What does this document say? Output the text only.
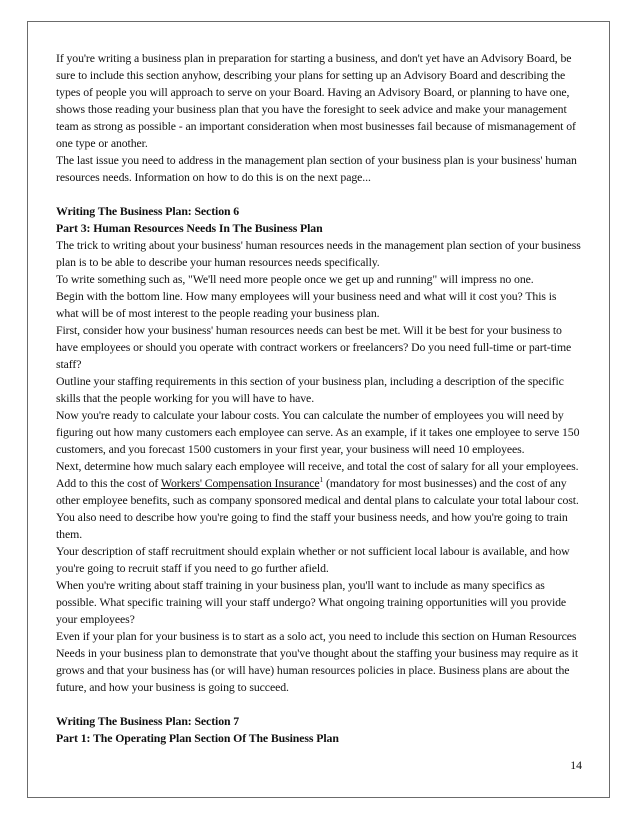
If you're writing a business plan in preparation for starting a business, and don't yet have an Advisory Board, be sure to include this section anyhow, describing your plans for setting up an Advisory Board and describing the types of people you will approach to serve on your Board. Having an Advisory Board, or planning to have one, shows those reading your business plan that you have the foresight to seek advice and make your management team as strong as possible - an important consideration when most businesses fail because of mismanagement of one type or another.

The last issue you need to address in the management plan section of your business plan is your business' human resources needs. Information on how to do this is on the next page...

Writing The Business Plan: Section 6

Part 3: Human Resources Needs In The Business Plan

The trick to writing about your business' human resources needs in the management plan section of your business plan is to be able to describe your human resources needs specifically.

To write something such as, "We'll need more people once we get up and running" will impress no one.

Begin with the bottom line. How many employees will your business need and what will it cost you? This is what will be of most interest to the people reading your business plan.

First, consider how your business' human resources needs can best be met. Will it be best for your business to have employees or should you operate with contract workers or freelancers? Do you need full-time or part-time staff?

Outline your staffing requirements in this section of your business plan, including a description of the specific skills that the people working for you will have to have.

Now you're ready to calculate your labour costs. You can calculate the number of employees you will need by figuring out how many customers each employee can serve. As an example, if it takes one employee to serve 150 customers, and you forecast 1500 customers in your first year, your business will need 10 employees.

Next, determine how much salary each employee will receive, and total the cost of salary for all your employees.

Add to this the cost of Workers' Compensation Insurance$^1$ (mandatory for most businesses) and the cost of any other employee benefits, such as company sponsored medical and dental plans to calculate your total labour cost.

You also need to describe how you're going to find the staff your business needs, and how you're going to train them.

Your description of staff recruitment should explain whether or not sufficient local labour is available, and how you're going to recruit staff if you need to go further afield.

When you're writing about staff training in your business plan, you'll want to include as many specifics as possible. What specific training will your staff undergo? What ongoing training opportunities will you provide your employees?

Even if your plan for your business is to start as a solo act, you need to include this section on Human Resources Needs in your business plan to demonstrate that you've thought about the staffing your business may require as it grows and that your business has (or will have) human resources policies in place. Business plans are about the future, and how your business is going to succeed.

Writing The Business Plan: Section 7

Part 1: The Operating Plan Section Of The Business Plan

14
